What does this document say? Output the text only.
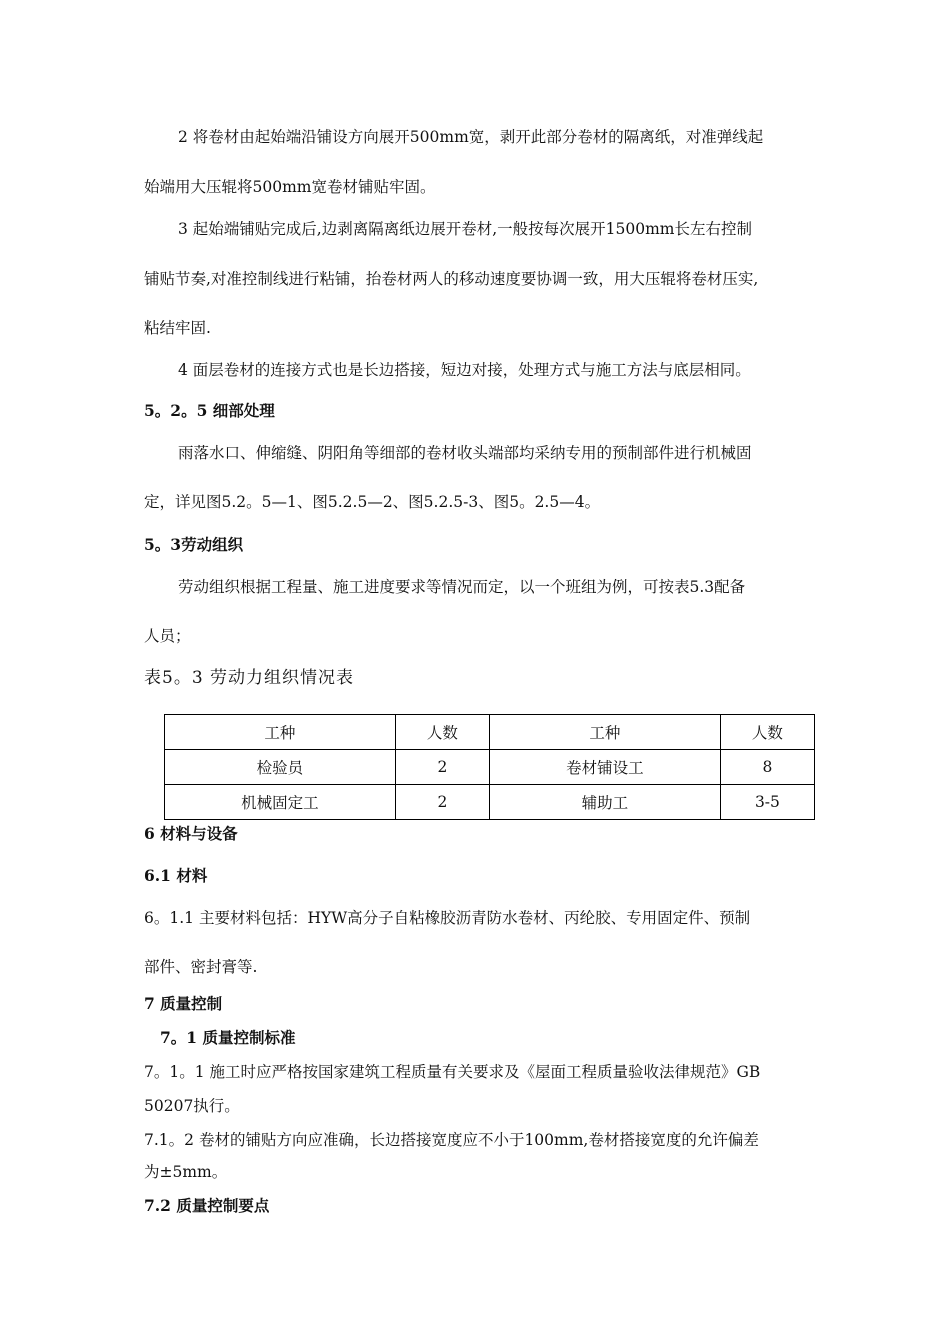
2 将卷材由起始端沿铺设方向展开500mm宽，剥开此部分卷材的隔离纸，对准弹线起
始端用大压辊将500mm宽卷材铺贴牢固。
3 起始端铺贴完成后,边剥离隔离纸边展开卷材,一般按每次展开1500mm长左右控制
铺贴节奏,对准控制线进行粘铺，抬卷材两人的移动速度要协调一致，用大压辊将卷材压实,
粘结牢固.
4 面层卷材的连接方式也是长边搭接，短边对接，处理方式与施工方法与底层相同。
5。2。5 细部处理
雨落水口、伸缩缝、阴阳角等细部的卷材收头端部均采纳专用的预制部件进行机械固
定，详见图5.2。5—1、图5.2.5—2、图5.2.5-3、图5。2.5—4。
5。3劳动组织
劳动组织根据工程量、施工进度要求等情况而定，以一个班组为例，可按表5.3配备
人员；
表5。3 劳动力组织情况表
工种	人数	工种	人数
检验员	2	卷材铺设工	8
机械固定工	2	辅助工	3-5
6 材料与设备
6.1 材料
6。1.1 主要材料包括：HYW高分子自粘橡胶沥青防水卷材、丙纶胶、专用固定件、预制
部件、密封膏等.
7 质量控制
7。1 质量控制标准
7。1。1 施工时应严格按国家建筑工程质量有关要求及《屋面工程质量验收法律规范》GB
50207执行。
7.1。2 卷材的铺贴方向应准确，长边搭接宽度应不小于100mm,卷材搭接宽度的允许偏差
为±5mm。
7.2 质量控制要点
